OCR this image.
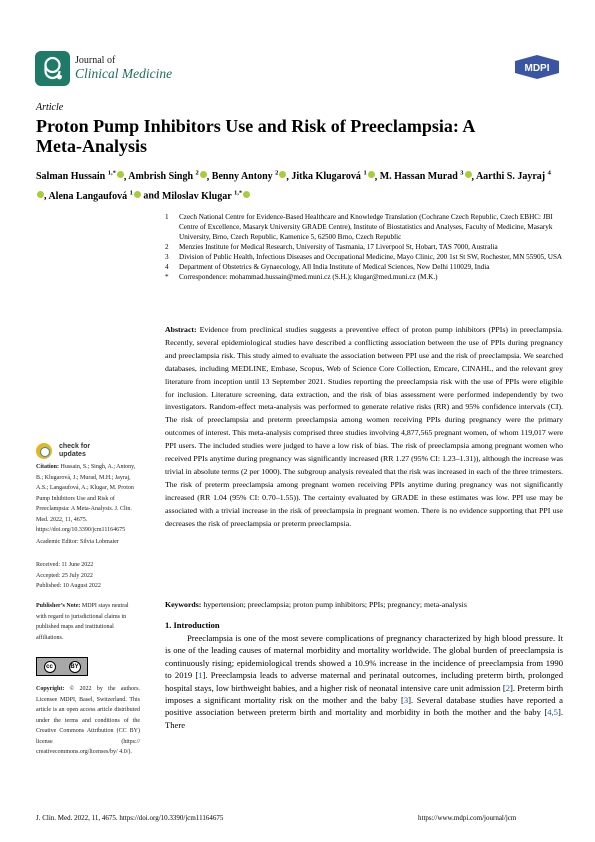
Journal of
Clinical Medicine	MDPI
Article
Proton Pump Inhibitors Use and Risk of Preeclampsia: A Meta-Analysis
Salman Hussain $^{1,*}$ , Ambrish Singh $^2$ , Benny Antony $^2$ , Jitka Klugarová $^1$ , M. Hassan Murad $^3$ , Aarthi S. Jayraj $^4$, Alena Langaufová $^1$ and Miloslav Klugar $^{1,*}$
1	Czech National Centre for Evidence-Based Healthcare and Knowledge Translation (Cochrane Czech Republic, Czech EBHC: JBI Centre of Excellence, Masaryk University GRADE Centre), Institute of Biostatistics and Analyses, Faculty of Medicine, Masaryk University, Brno, Czech Republic, Kamenice 5, 62500 Brno, Czech Republic
2	Menzies Institute for Medical Research, University of Tasmania, 17 Liverpool St, Hobart, TAS 7000, Australia
3	Division of Public Health, Infectious Diseases and Occupational Medicine, Mayo Clinic, 200 1st St SW, Rochester, MN 55905, USA
4	Department of Obstetrics & Gynaecology, All India Institute of Medical Sciences, New Delhi 110029, India
*	Correspondence: mohammad.hussain@med.muni.cz (S.H.); klugar@med.muni.cz (M.K.)
Abstract: Evidence from preclinical studies suggests a preventive effect of proton pump inhibitors (PPIs) in preeclampsia. Recently, several epidemiological studies have described a conflicting association between the use of PPIs during pregnancy and preeclampsia risk. This study aimed to evaluate the association between PPI use and the risk of preeclampsia. We searched databases, including MEDLINE, Embase, Scopus, Web of Science Core Collection, Emcare, CINAHL, and the relevant grey literature from inception until 13 September 2021. Studies reporting the preeclampsia risk with the use of PPIs were eligible for inclusion. Literature screening, data extraction, and the risk of bias assessment were performed independently by two investigators. Random-effect meta-analysis was performed to generate relative risks (RR) and 95% confidence intervals (CI). The risk of preeclampsia and preterm preeclampsia among women receiving PPIs during pregnancy were the primary outcomes of interest. This meta-analysis comprised three studies involving 4,877,565 pregnant women, of whom 119,017 were PPI users. The included studies were judged to have a low risk of bias. The risk of preeclampsia among pregnant women who received PPIs anytime during pregnancy was significantly increased (RR 1.27 (95% CI: 1.23–1.31)), although the increase was trivial in absolute terms (2 per 1000). The subgroup analysis revealed that the risk was increased in each of the three trimesters. The risk of preterm preeclampsia among pregnant women receiving PPIs anytime during pregnancy was not significantly increased (RR 1.04 (95% CI: 0.70–1.55)). The certainty evaluated by GRADE in these estimates was low. PPI use may be associated with a trivial increase in the risk of preeclampsia in pregnant women. There is no evidence supporting that PPI use decreases the risk of preeclampsia or preterm preeclampsia.
Keywords: hypertension; preeclampsia; proton pump inhibitors; PPIs; pregnancy; meta-analysis
1. Introduction
Preeclampsia is one of the most severe complications of pregnancy characterized by high blood pressure. It is one of the leading causes of maternal morbidity and mortality worldwide. The global burden of preeclampsia is continuously rising; epidemiological trends showed a 10.9% increase in the incidence of preeclampsia from 1990 to 2019 [1]. Preeclampsia leads to adverse maternal and perinatal outcomes, including preterm birth, prolonged hospital stays, low birthweight babies, and a higher risk of neonatal intensive care unit admission [2]. Preterm birth imposes a significant mortality risk on the mother and the baby [3]. Several database studies have reported a positive association between preterm birth and mortality and morbidity in both the mother and the baby [4,5]. There
check for
updates
Citation: Hussain, S.; Singh, A.; Antony, B.; Klugarová, J.; Murad, M.H.; Jayraj, A.S.; Langaufová, A.; Klugar, M. Proton Pump Inhibitors Use and Risk of Preeclampsia: A Meta-Analysis. J. Clin. Med. 2022, 11, 4675. https://doi.org/10.3390/jcm11164675
Academic Editor: Silvia Lobmaier
Received: 11 June 2022
Accepted: 25 July 2022
Published: 10 August 2022
Publisher’s Note: MDPI stays neutral with regard to jurisdictional claims in published maps and institutional affiliations.
cc	BY
Copyright: © 2022 by the authors. Licensee MDPI, Basel, Switzerland. This article is an open access article distributed under the terms and conditions of the Creative Commons Attribution (CC BY) license (https:// creativecommons.org/licenses/by/ 4.0/).
J. Clin. Med. 2022, 11, 4675. https://doi.org/10.3390/jcm11164675	https://www.mdpi.com/journal/jcm
